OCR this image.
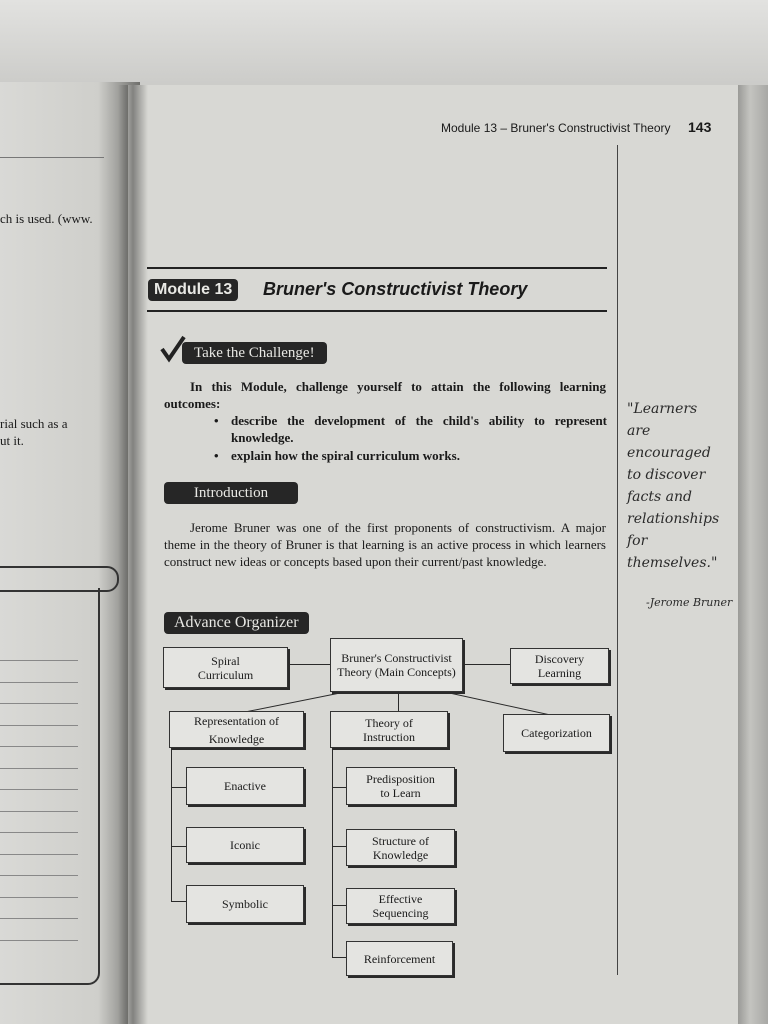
ch is used. (www.
rial such as a
ut it.
Module 13 – Bruner's Constructivist Theory 143
Module 13	Bruner's Constructivist Theory
Take the Challenge!
In this Module, challenge yourself to attain the following learning outcomes:
• describe the development of the child's ability to represent knowledge.
• explain how the spiral curriculum works.
Introduction
Jerome Bruner was one of the first proponents of constructivism. A major theme in the theory of Bruner is that learning is an active process in which learners construct new ideas or concepts based upon their current/past knowledge.
Advance Organizer
Bruner's Constructivist Theory (Main Concepts)
Spiral Curriculum
Discovery Learning
Representation of Knowledge
Theory of Instruction	Categorization
Enactive
Iconic
Symbolic
Predisposition to Learn
Structure of Knowledge
Effective Sequencing
Reinforcement
"Learners are encouraged to discover facts and relationships for themselves."
-Jerome Bruner
